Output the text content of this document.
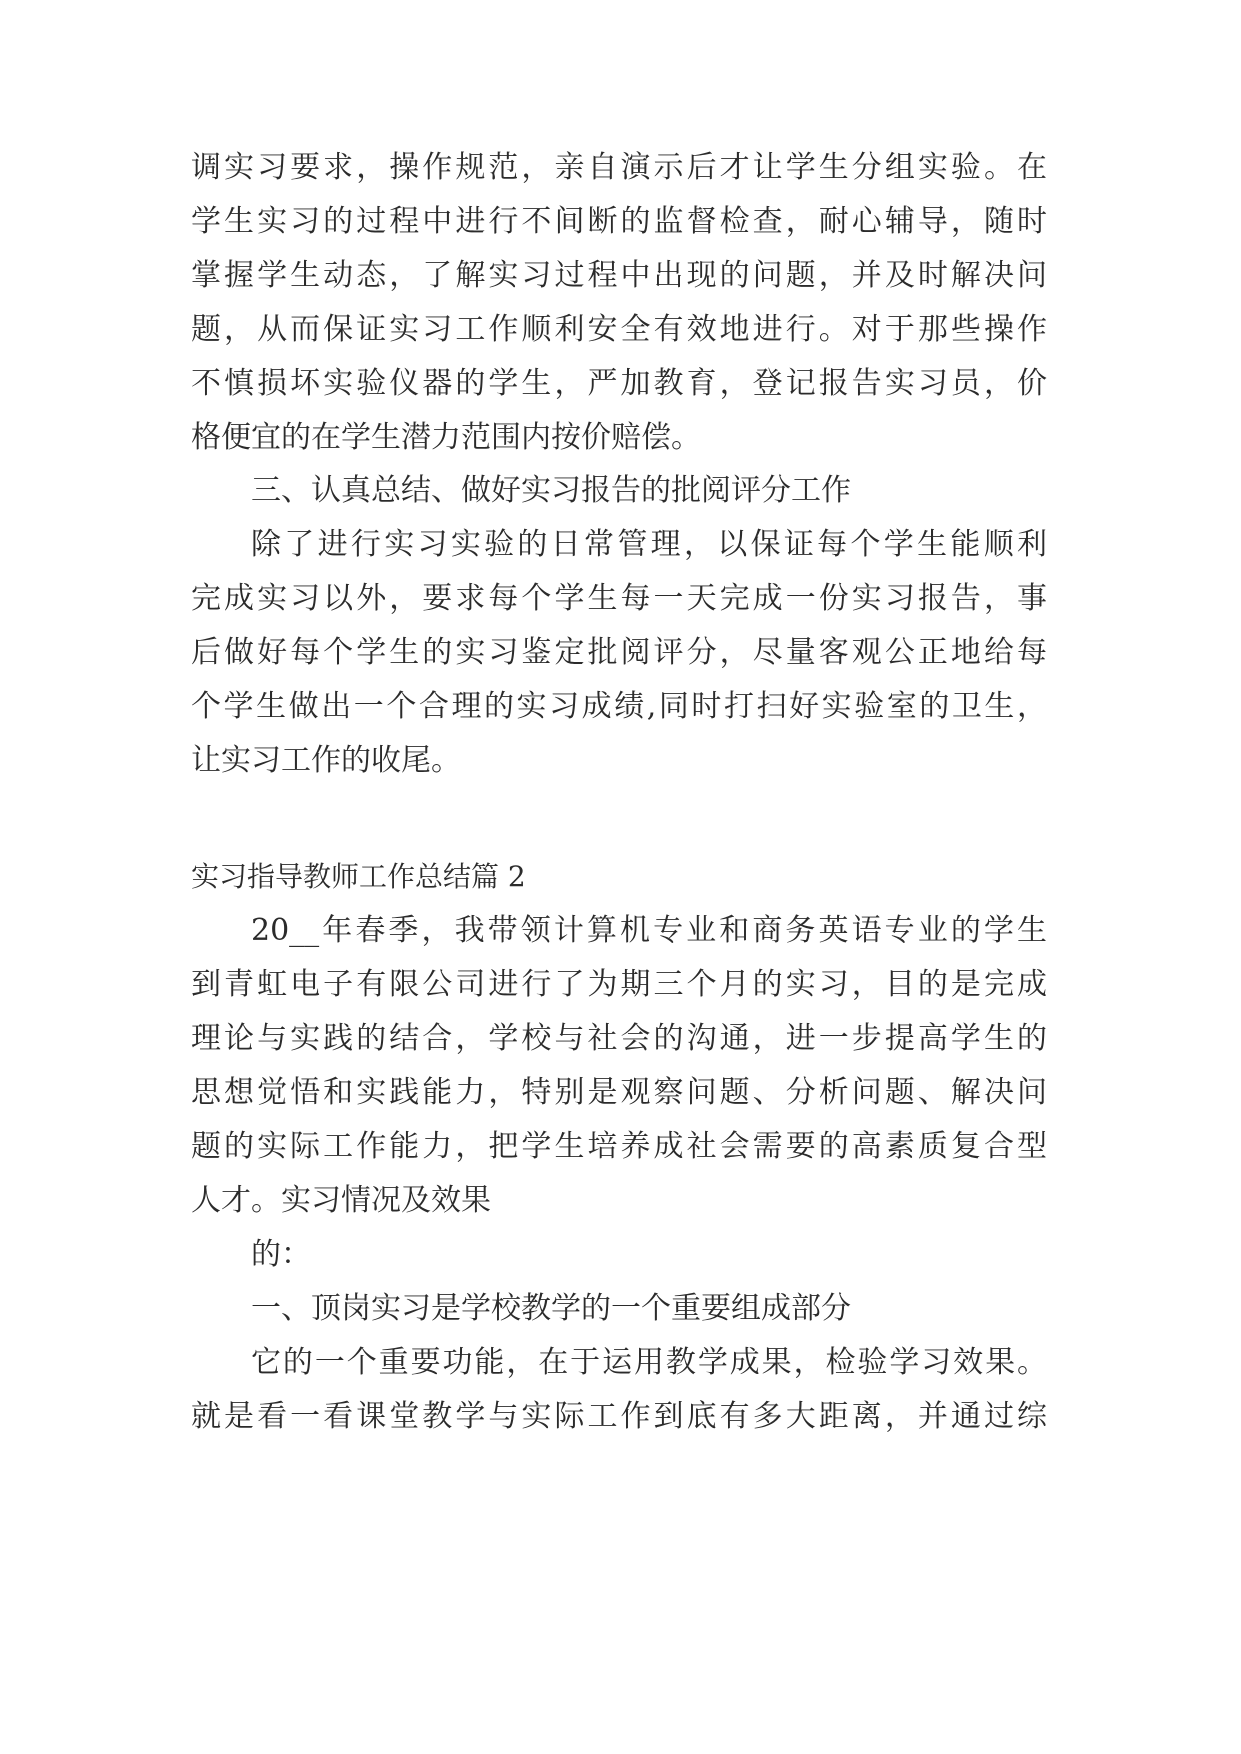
调实习要求，操作规范，亲自演示后才让学生分组实验。在
学生实习的过程中进行不间断的监督检查，耐心辅导，随时
掌握学生动态，了解实习过程中出现的问题，并及时解决问
题，从而保证实习工作顺利安全有效地进行。对于那些操作
不慎损坏实验仪器的学生，严加教育，登记报告实习员，价
格便宜的在学生潜力范围内按价赔偿。
三、认真总结、做好实习报告的批阅评分工作
除了进行实习实验的日常管理，以保证每个学生能顺利
完成实习以外，要求每个学生每一天完成一份实习报告，事
后做好每个学生的实习鉴定批阅评分，尽量客观公正地给每
个学生做出一个合理的实习成绩,同时打扫好实验室的卫生，
让实习工作的收尾。
实习指导教师工作总结篇 2
20__年春季，我带领计算机专业和商务英语专业的学生
到青虹电子有限公司进行了为期三个月的实习，目的是完成
理论与实践的结合，学校与社会的沟通，进一步提高学生的
思想觉悟和实践能力，特别是观察问题、分析问题、解决问
题的实际工作能力，把学生培养成社会需要的高素质复合型
人才。实习情况及效果
的：
一、顶岗实习是学校教学的一个重要组成部分
它的一个重要功能，在于运用教学成果，检验学习效果。
就是看一看课堂教学与实际工作到底有多大距离，并通过综
